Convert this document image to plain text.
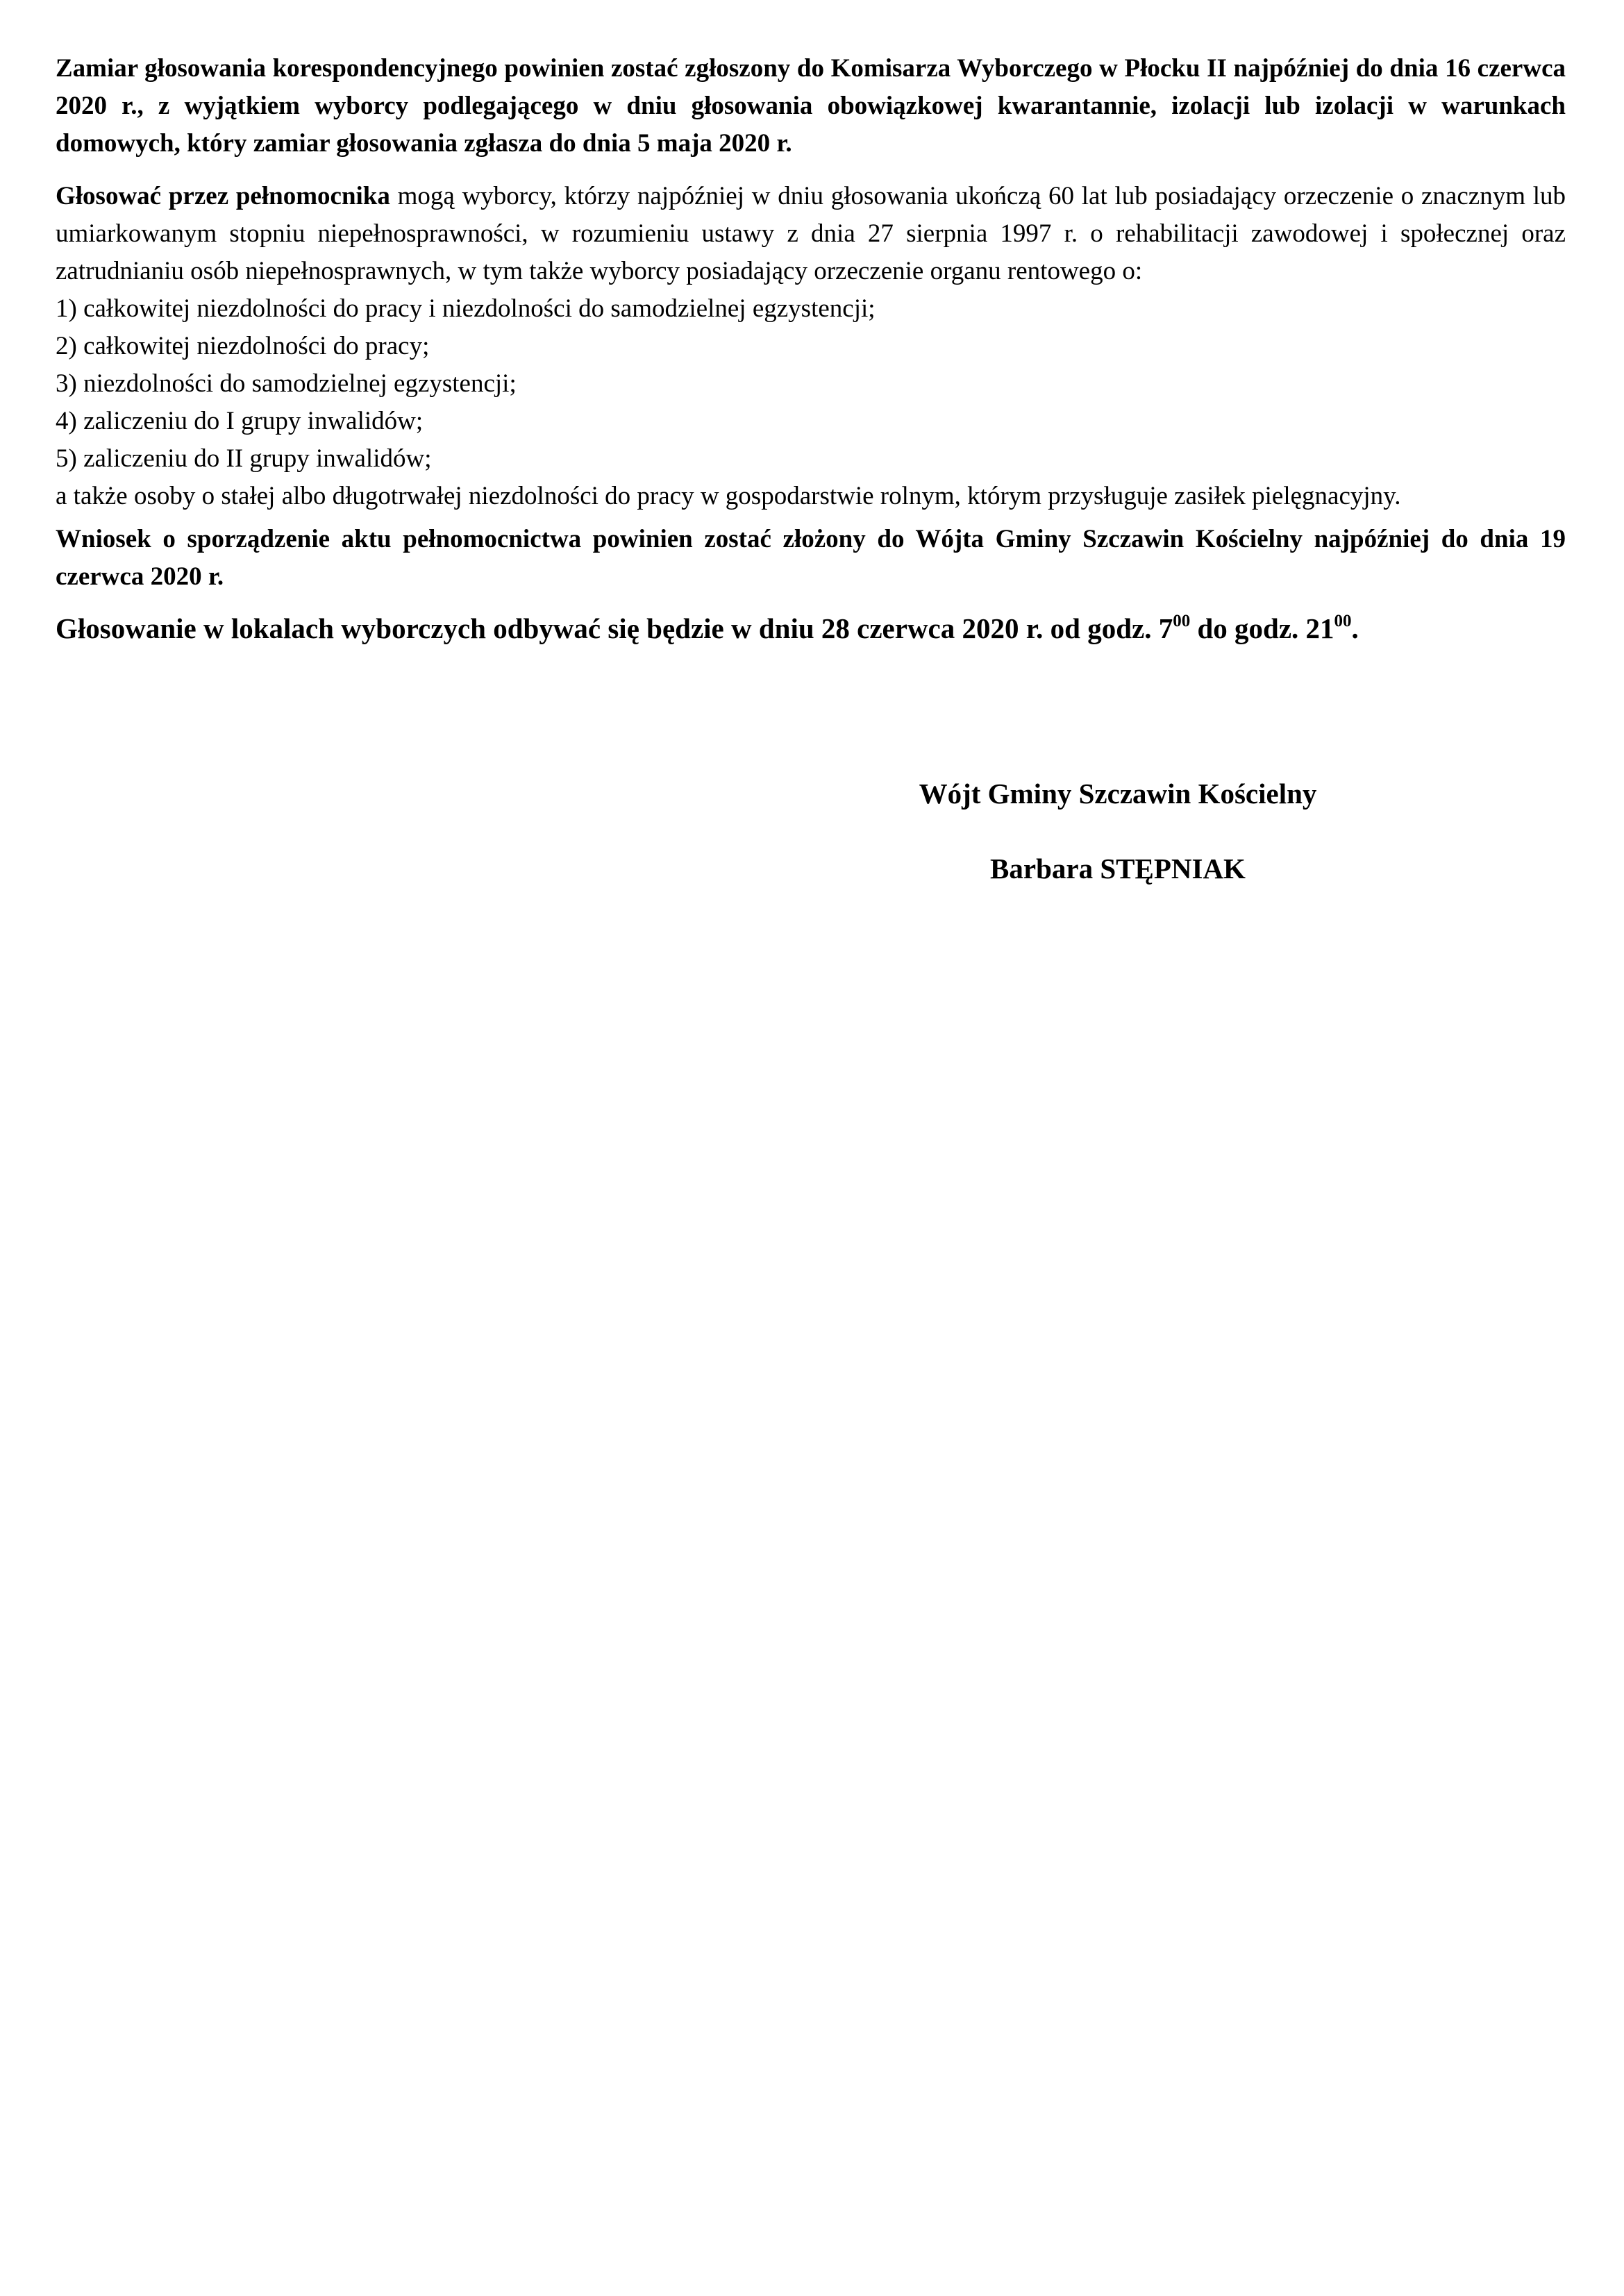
Zamiar głosowania korespondencyjnego powinien zostać zgłoszony do Komisarza Wyborczego w Płocku II najpóźniej do dnia 16 czerwca 2020 r., z wyjątkiem wyborcy podlegającego w dniu głosowania obowiązkowej kwarantannie, izolacji lub izolacji w warunkach domowych, który zamiar głosowania zgłasza do dnia 5 maja 2020 r.

Głosować przez pełnomocnika mogą wyborcy, którzy najpóźniej w dniu głosowania ukończą 60 lat lub posiadający orzeczenie o znacznym lub umiarkowanym stopniu niepełnosprawności, w rozumieniu ustawy z dnia 27 sierpnia 1997 r. o rehabilitacji zawodowej i społecznej oraz zatrudnianiu osób niepełnosprawnych, w tym także wyborcy posiadający orzeczenie organu rentowego o:

1) całkowitej niezdolności do pracy i niezdolności do samodzielnej egzystencji;
2) całkowitej niezdolności do pracy;
3) niezdolności do samodzielnej egzystencji;
4) zaliczeniu do I grupy inwalidów;
5) zaliczeniu do II grupy inwalidów;

a także osoby o stałej albo długotrwałej niezdolności do pracy w gospodarstwie rolnym, którym przysługuje zasiłek pielęgnacyjny.

Wniosek o sporządzenie aktu pełnomocnictwa powinien zostać złożony do Wójta Gminy Szczawin Kościelny najpóźniej do dnia 19 czerwca 2020 r.

Głosowanie w lokalach wyborczych odbywać się będzie w dniu 28 czerwca 2020 r. od godz. $7^{00}$ do godz. $21^{00}$.

Wójt Gminy Szczawin Kościelny
Barbara STĘPNIAK
